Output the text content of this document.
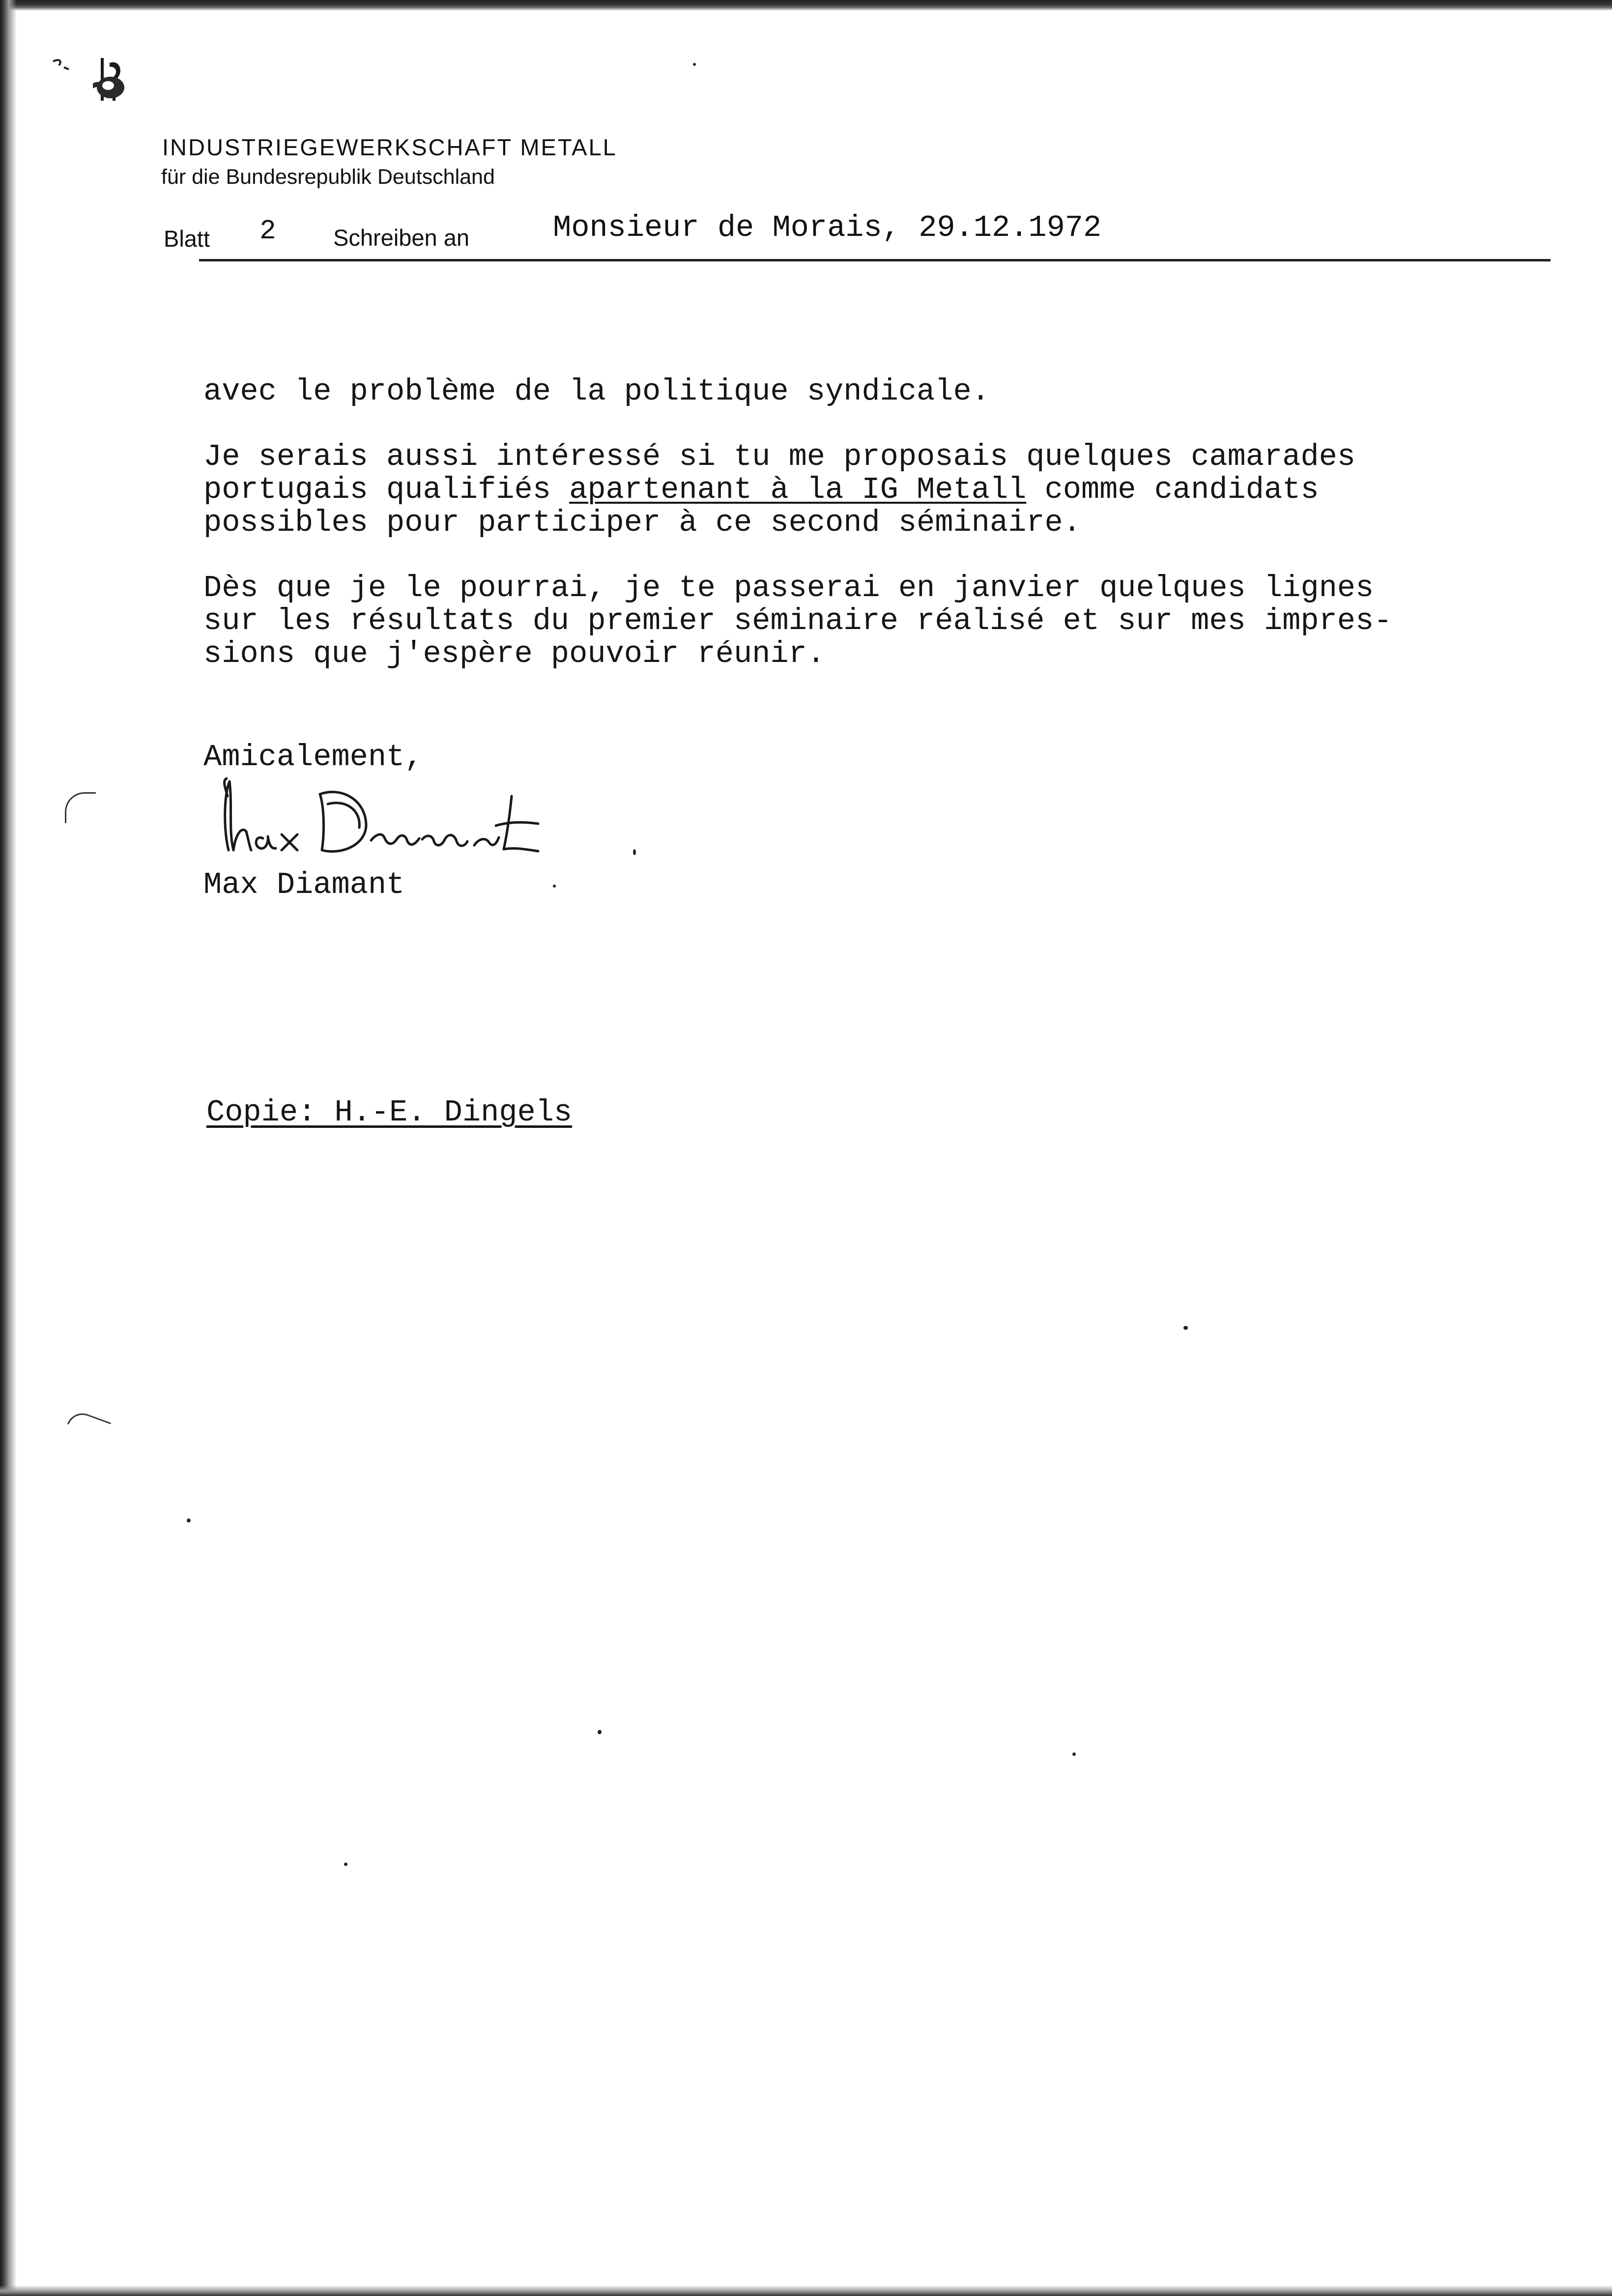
INDUSTRIEGEWERKSCHAFT METALL
für die Bundesrepublik Deutschland
Blatt 2 Schreiben an	Monsieur de Morais, 29.12.1972

avec le problème de la politique syndicale.

Je serais aussi intéressé si tu me proposais quelques camarades
portugais qualifiés apartenant à la IG Metall comme candidats
possibles pour participer à ce second séminaire.

Dès que je le pourrai, je te passerai en janvier quelques lignes
sur les résultats du premier séminaire réalisé et sur mes impres-
sions que j'espère pouvoir réunir.

Amicalement,
Max Diamant
Copie: H.-E. Dingels
